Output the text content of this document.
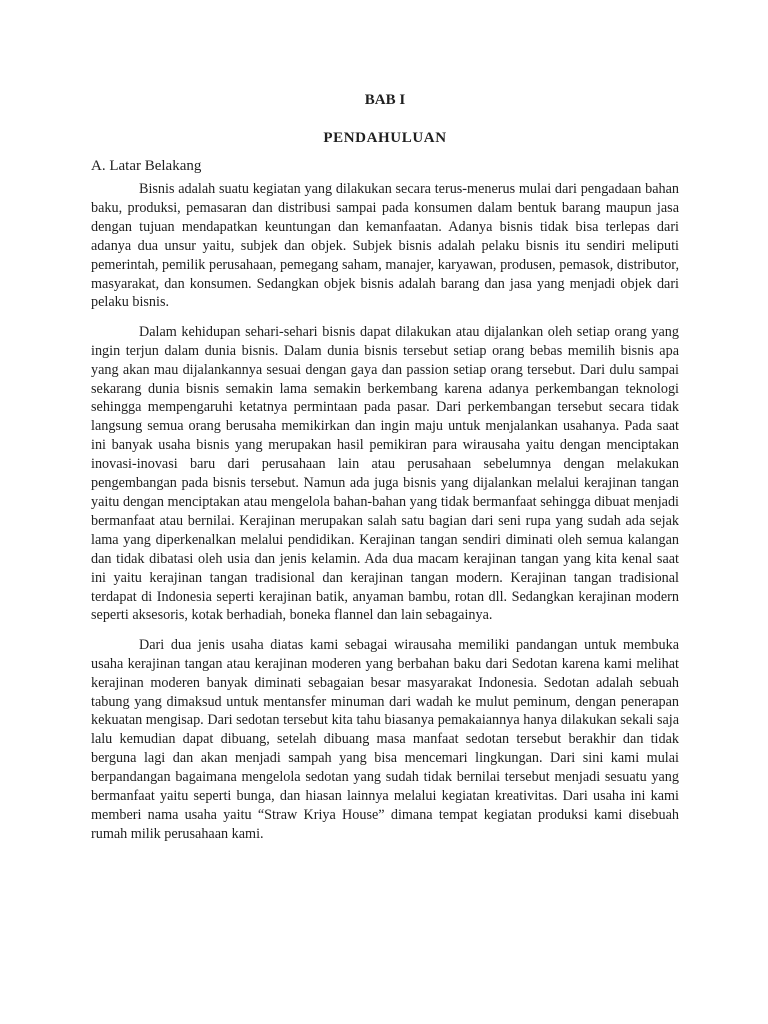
BAB I
PENDAHULUAN
A. Latar Belakang

Bisnis adalah suatu kegiatan yang dilakukan secara terus-menerus mulai dari pengadaan bahan baku, produksi, pemasaran dan distribusi sampai pada konsumen dalam bentuk barang maupun jasa dengan tujuan mendapatkan keuntungan dan kemanfaatan. Adanya bisnis tidak bisa terlepas dari adanya dua unsur yaitu, subjek dan objek. Subjek bisnis adalah pelaku bisnis itu sendiri meliputi pemerintah, pemilik perusahaan, pemegang saham, manajer, karyawan, produsen, pemasok, distributor, masyarakat, dan konsumen. Sedangkan objek bisnis adalah barang dan jasa yang menjadi objek dari pelaku bisnis.

Dalam kehidupan sehari-sehari bisnis dapat dilakukan atau dijalankan oleh setiap orang yang ingin terjun dalam dunia bisnis. Dalam dunia bisnis tersebut setiap orang bebas memilih bisnis apa yang akan mau dijalankannya sesuai dengan gaya dan passion setiap orang tersebut. Dari dulu sampai sekarang dunia bisnis semakin lama semakin berkembang karena adanya perkembangan teknologi sehingga mempengaruhi ketatnya permintaan pada pasar. Dari perkembangan tersebut secara tidak langsung semua orang berusaha memikirkan dan ingin maju untuk menjalankan usahanya. Pada saat ini banyak usaha bisnis yang merupakan hasil pemikiran para wirausaha yaitu dengan menciptakan inovasi-inovasi baru dari perusahaan lain atau perusahaan sebelumnya dengan melakukan pengembangan pada bisnis tersebut. Namun ada juga bisnis yang dijalankan melalui kerajinan tangan yaitu dengan menciptakan atau mengelola bahan-bahan yang tidak bermanfaat sehingga dibuat menjadi bermanfaat atau bernilai. Kerajinan merupakan salah satu bagian dari seni rupa yang sudah ada sejak lama yang diperkenalkan melalui pendidikan. Kerajinan tangan sendiri diminati oleh semua kalangan dan tidak dibatasi oleh usia dan jenis kelamin. Ada dua macam kerajinan tangan yang kita kenal saat ini yaitu kerajinan tangan tradisional dan kerajinan tangan modern. Kerajinan tangan tradisional terdapat di Indonesia seperti kerajinan batik, anyaman bambu, rotan dll. Sedangkan kerajinan modern seperti aksesoris, kotak berhadiah, boneka flannel dan lain sebagainya.

Dari dua jenis usaha diatas kami sebagai wirausaha memiliki pandangan untuk membuka usaha kerajinan tangan atau kerajinan moderen yang berbahan baku dari Sedotan karena kami melihat kerajinan moderen banyak diminati sebagaian besar masyarakat Indonesia. Sedotan adalah sebuah tabung yang dimaksud untuk mentansfer minuman dari wadah ke mulut peminum, dengan penerapan kekuatan mengisap. Dari sedotan tersebut kita tahu biasanya pemakaiannya hanya dilakukan sekali saja lalu kemudian dapat dibuang, setelah dibuang masa manfaat sedotan tersebut berakhir dan tidak berguna lagi dan akan menjadi sampah yang bisa mencemari lingkungan. Dari sini kami mulai berpandangan bagaimana mengelola sedotan yang sudah tidak bernilai tersebut menjadi sesuatu yang bermanfaat yaitu seperti bunga, dan hiasan lainnya melalui kegiatan kreativitas. Dari usaha ini kami memberi nama usaha yaitu “Straw Kriya House” dimana tempat kegiatan produksi kami disebuah rumah milik perusahaan kami.
